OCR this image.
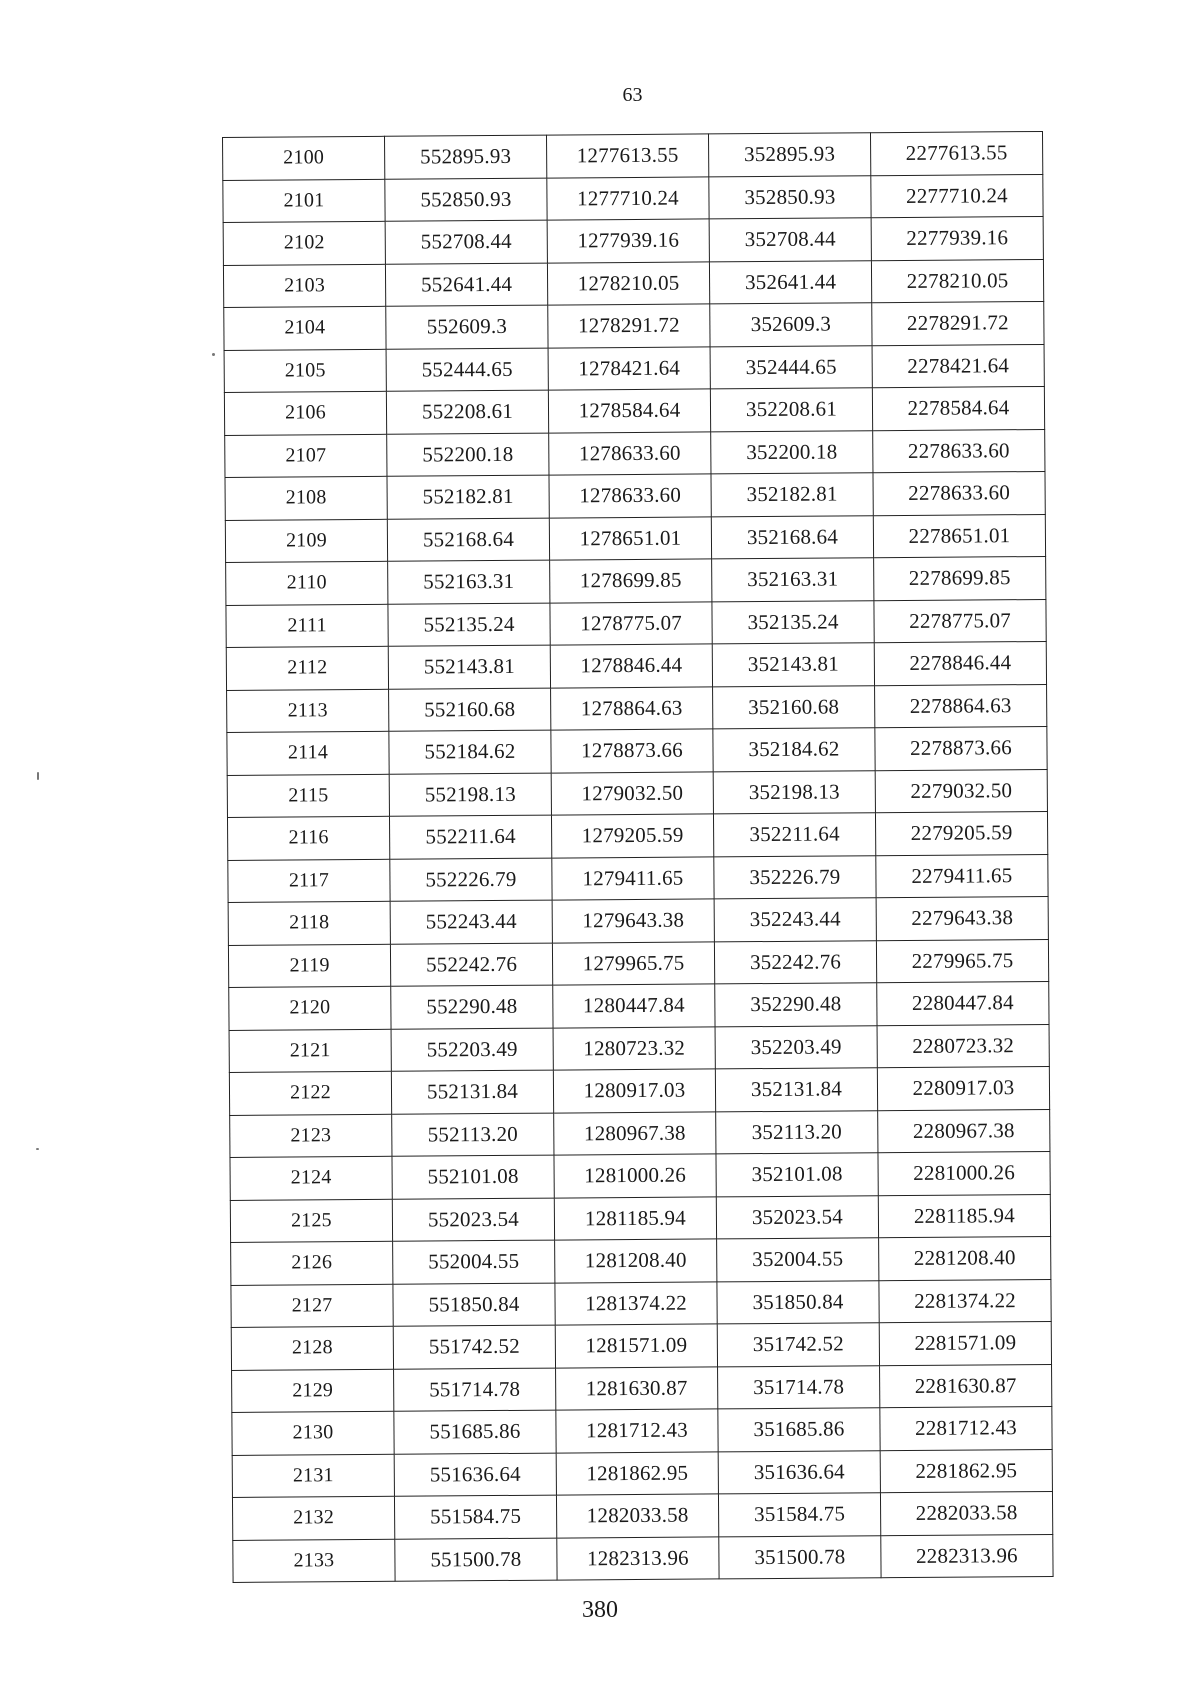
63
2100	552895.93	1277613.55	352895.93	2277613.55
2101	552850.93	1277710.24	352850.93	2277710.24
2102	552708.44	1277939.16	352708.44	2277939.16
2103	552641.44	1278210.05	352641.44	2278210.05
2104	552609.3	1278291.72	352609.3	2278291.72
2105	552444.65	1278421.64	352444.65	2278421.64
2106	552208.61	1278584.64	352208.61	2278584.64
2107	552200.18	1278633.60	352200.18	2278633.60
2108	552182.81	1278633.60	352182.81	2278633.60
2109	552168.64	1278651.01	352168.64	2278651.01
2110	552163.31	1278699.85	352163.31	2278699.85
2111	552135.24	1278775.07	352135.24	2278775.07
2112	552143.81	1278846.44	352143.81	2278846.44
2113	552160.68	1278864.63	352160.68	2278864.63
2114	552184.62	1278873.66	352184.62	2278873.66
2115	552198.13	1279032.50	352198.13	2279032.50
2116	552211.64	1279205.59	352211.64	2279205.59
2117	552226.79	1279411.65	352226.79	2279411.65
2118	552243.44	1279643.38	352243.44	2279643.38
2119	552242.76	1279965.75	352242.76	2279965.75
2120	552290.48	1280447.84	352290.48	2280447.84
2121	552203.49	1280723.32	352203.49	2280723.32
2122	552131.84	1280917.03	352131.84	2280917.03
2123	552113.20	1280967.38	352113.20	2280967.38
2124	552101.08	1281000.26	352101.08	2281000.26
2125	552023.54	1281185.94	352023.54	2281185.94
2126	552004.55	1281208.40	352004.55	2281208.40
2127	551850.84	1281374.22	351850.84	2281374.22
2128	551742.52	1281571.09	351742.52	2281571.09
2129	551714.78	1281630.87	351714.78	2281630.87
2130	551685.86	1281712.43	351685.86	2281712.43
2131	551636.64	1281862.95	351636.64	2281862.95
2132	551584.75	1282033.58	351584.75	2282033.58
2133	551500.78	1282313.96	351500.78	2282313.96
380
